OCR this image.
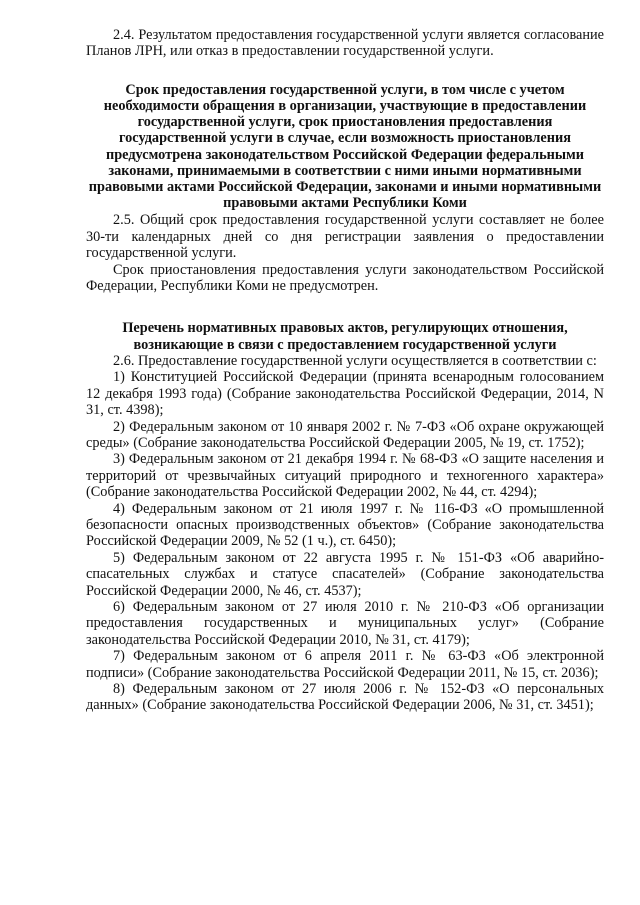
2.4. Результатом предоставления государственной услуги является согласование Планов ЛРН, или отказ в предоставлении государственной услуги.

Срок предоставления государственной услуги, в том числе с учетом необходимости обращения в организации, участвующие в предоставлении государственной услуги, срок приостановления предоставления государственной услуги в случае, если возможность приостановления предусмотрена законодательством Российской Федерации федеральными законами, принимаемыми в соответствии с ними иными нормативными правовыми актами Российской Федерации, законами и иными нормативными правовыми актами Республики Коми

2.5. Общий срок предоставления государственной услуги составляет не более 30-ти календарных дней со дня регистрации заявления о предоставлении государственной услуги.

Срок приостановления предоставления услуги законодательством Российской Федерации, Республики Коми не предусмотрен.

Перечень нормативных правовых актов, регулирующих отношения, возникающие в связи с предоставлением государственной услуги

2.6. Предоставление государственной услуги осуществляется в соответствии с:

1) Конституцией Российской Федерации (принята всенародным голосованием 12 декабря 1993 года) (Собрание законодательства Российской Федерации, 2014, N 31, ст. 4398);

2) Федеральным законом от 10 января 2002 г. № 7-ФЗ «Об охране окружающей среды» (Собрание законодательства Российской Федерации 2005, № 19, ст. 1752);

3) Федеральным законом от 21 декабря 1994 г. № 68-ФЗ «О защите населения и территорий от чрезвычайных ситуаций природного и техногенного характера» (Собрание законодательства Российской Федерации 2002, № 44, ст. 4294);

4) Федеральным законом от 21 июля 1997 г. № 116-ФЗ «О промышленной безопасности опасных производственных объектов» (Собрание законодательства Российской Федерации 2009, № 52 (1 ч.), ст. 6450);

5) Федеральным законом от 22 августа 1995 г. № 151-ФЗ «Об аварийно-спасательных службах и статусе спасателей» (Собрание законодательства Российской Федерации 2000, № 46, ст. 4537);

6) Федеральным законом от 27 июля 2010 г. № 210-ФЗ «Об организации предоставления государственных и муниципальных услуг» (Собрание законодательства Российской Федерации 2010, № 31, ст. 4179);

7) Федеральным законом от 6 апреля 2011 г. № 63-ФЗ «Об электронной подписи» (Собрание законодательства Российской Федерации 2011, № 15, ст. 2036);

8) Федеральным законом от 27 июля 2006 г. № 152-ФЗ «О персональных данных» (Собрание законодательства Российской Федерации 2006, № 31, ст. 3451);
